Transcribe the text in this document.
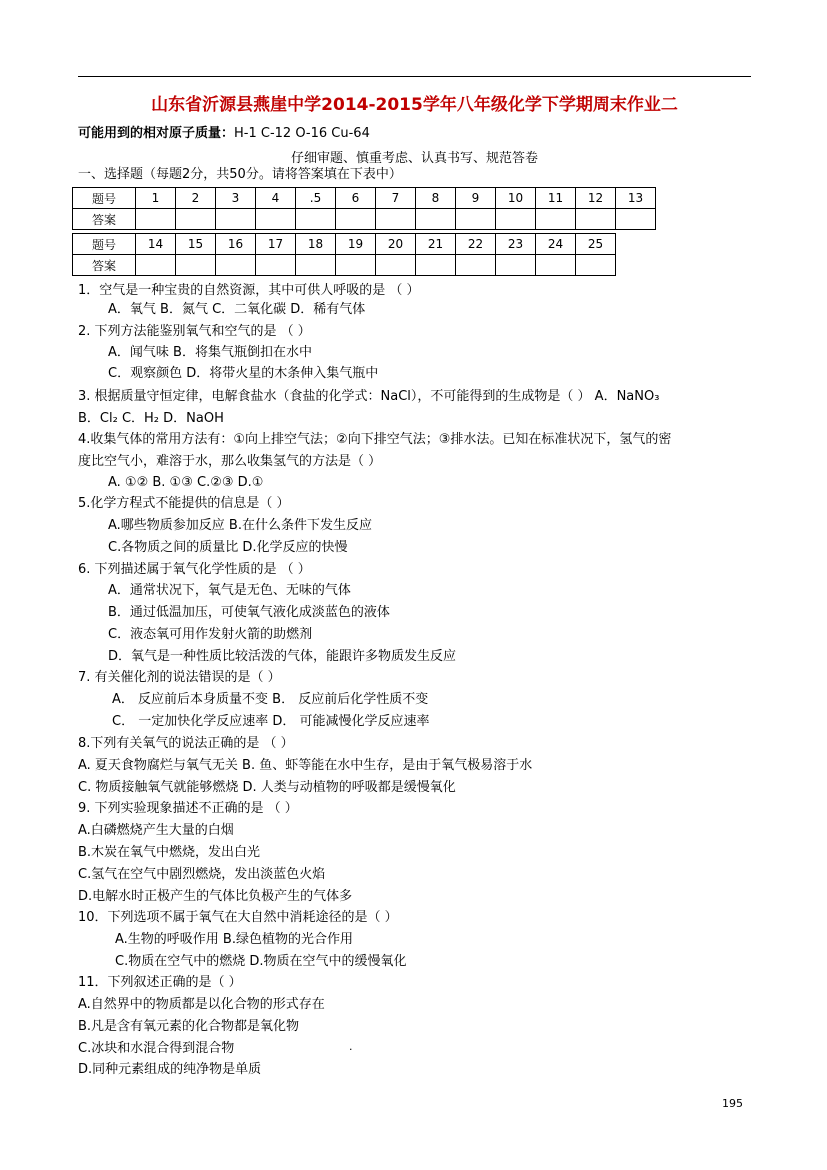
山东省沂源县燕崖中学2014-2015学年八年级化学下学期周末作业二
可能用到的相对原子质量：H-1 C-12 O-16 Cu-64
仔细审题、慎重考虑、认真书写、规范答卷
一、选择题（每题2分，共50分。请将答案填在下表中）
题号	1	2	3	4	.5	6	7	8	9	10	11	12	13
答案													
题号	14	15	16	17	18	19	20	21	22	23	24	25
答案												
1．空气是一种宝贵的自然资源，其中可供人呼吸的是 （ ）
A．氧气 B．氮气 C．二氧化碳 D．稀有气体
2. 下列方法能鉴别氧气和空气的是 （ ）
A．闻气味 B．将集气瓶倒扣在水中
C．观察颜色 D．将带火星的木条伸入集气瓶中
3. 根据质量守恒定律，电解食盐水（食盐的化学式：NaCl），不可能得到的生成物是（ ） A．NaNO₃
B．Cl₂ C．H₂ D．NaOH
4.收集气体的常用方法有：①向上排空气法；②向下排空气法；③排水法。已知在标准状况下，氢气的密
度比空气小，难溶于水，那么收集氢气的方法是（ ）
A. ①② B. ①③ C.②③ D.①
5.化学方程式不能提供的信息是（ ）
A.哪些物质参加反应 B.在什么条件下发生反应
C.各物质之间的质量比 D.化学反应的快慢
6. 下列描述属于氧气化学性质的是 （ ）
A．通常状况下，氧气是无色、无味的气体
B．通过低温加压，可使氧气液化成淡蓝色的液体
C．液态氧可用作发射火箭的助燃剂
D．氧气是一种性质比较活泼的气体，能跟许多物质发生反应
7. 有关催化剂的说法错误的是（ ）
A． 反应前后本身质量不变 B． 反应前后化学性质不变
C． 一定加快化学反应速率 D． 可能减慢化学反应速率
8.下列有关氧气的说法正确的是 （ ）
A. 夏天食物腐烂与氧气无关 B. 鱼、虾等能在水中生存，是由于氧气极易溶于水
C. 物质接触氧气就能够燃烧 D. 人类与动植物的呼吸都是缓慢氧化
9. 下列实验现象描述不正确的是 （ ）
A.白磷燃烧产生大量的白烟
B.木炭在氧气中燃烧，发出白光
C.氢气在空气中剧烈燃烧，发出淡蓝色火焰
D.电解水时正极产生的气体比负极产生的气体多
10．下列选项不属于氧气在大自然中消耗途径的是（ ）
A.生物的呼吸作用 B.绿色植物的光合作用
C.物质在空气中的燃烧 D.物质在空气中的缓慢氧化
11．下列叙述正确的是（ ）
A.自然界中的物质都是以化合物的形式存在
B.凡是含有氧元素的化合物都是氧化物
C.冰块和水混合得到混合物
D.同种元素组成的纯净物是单质
.
195
